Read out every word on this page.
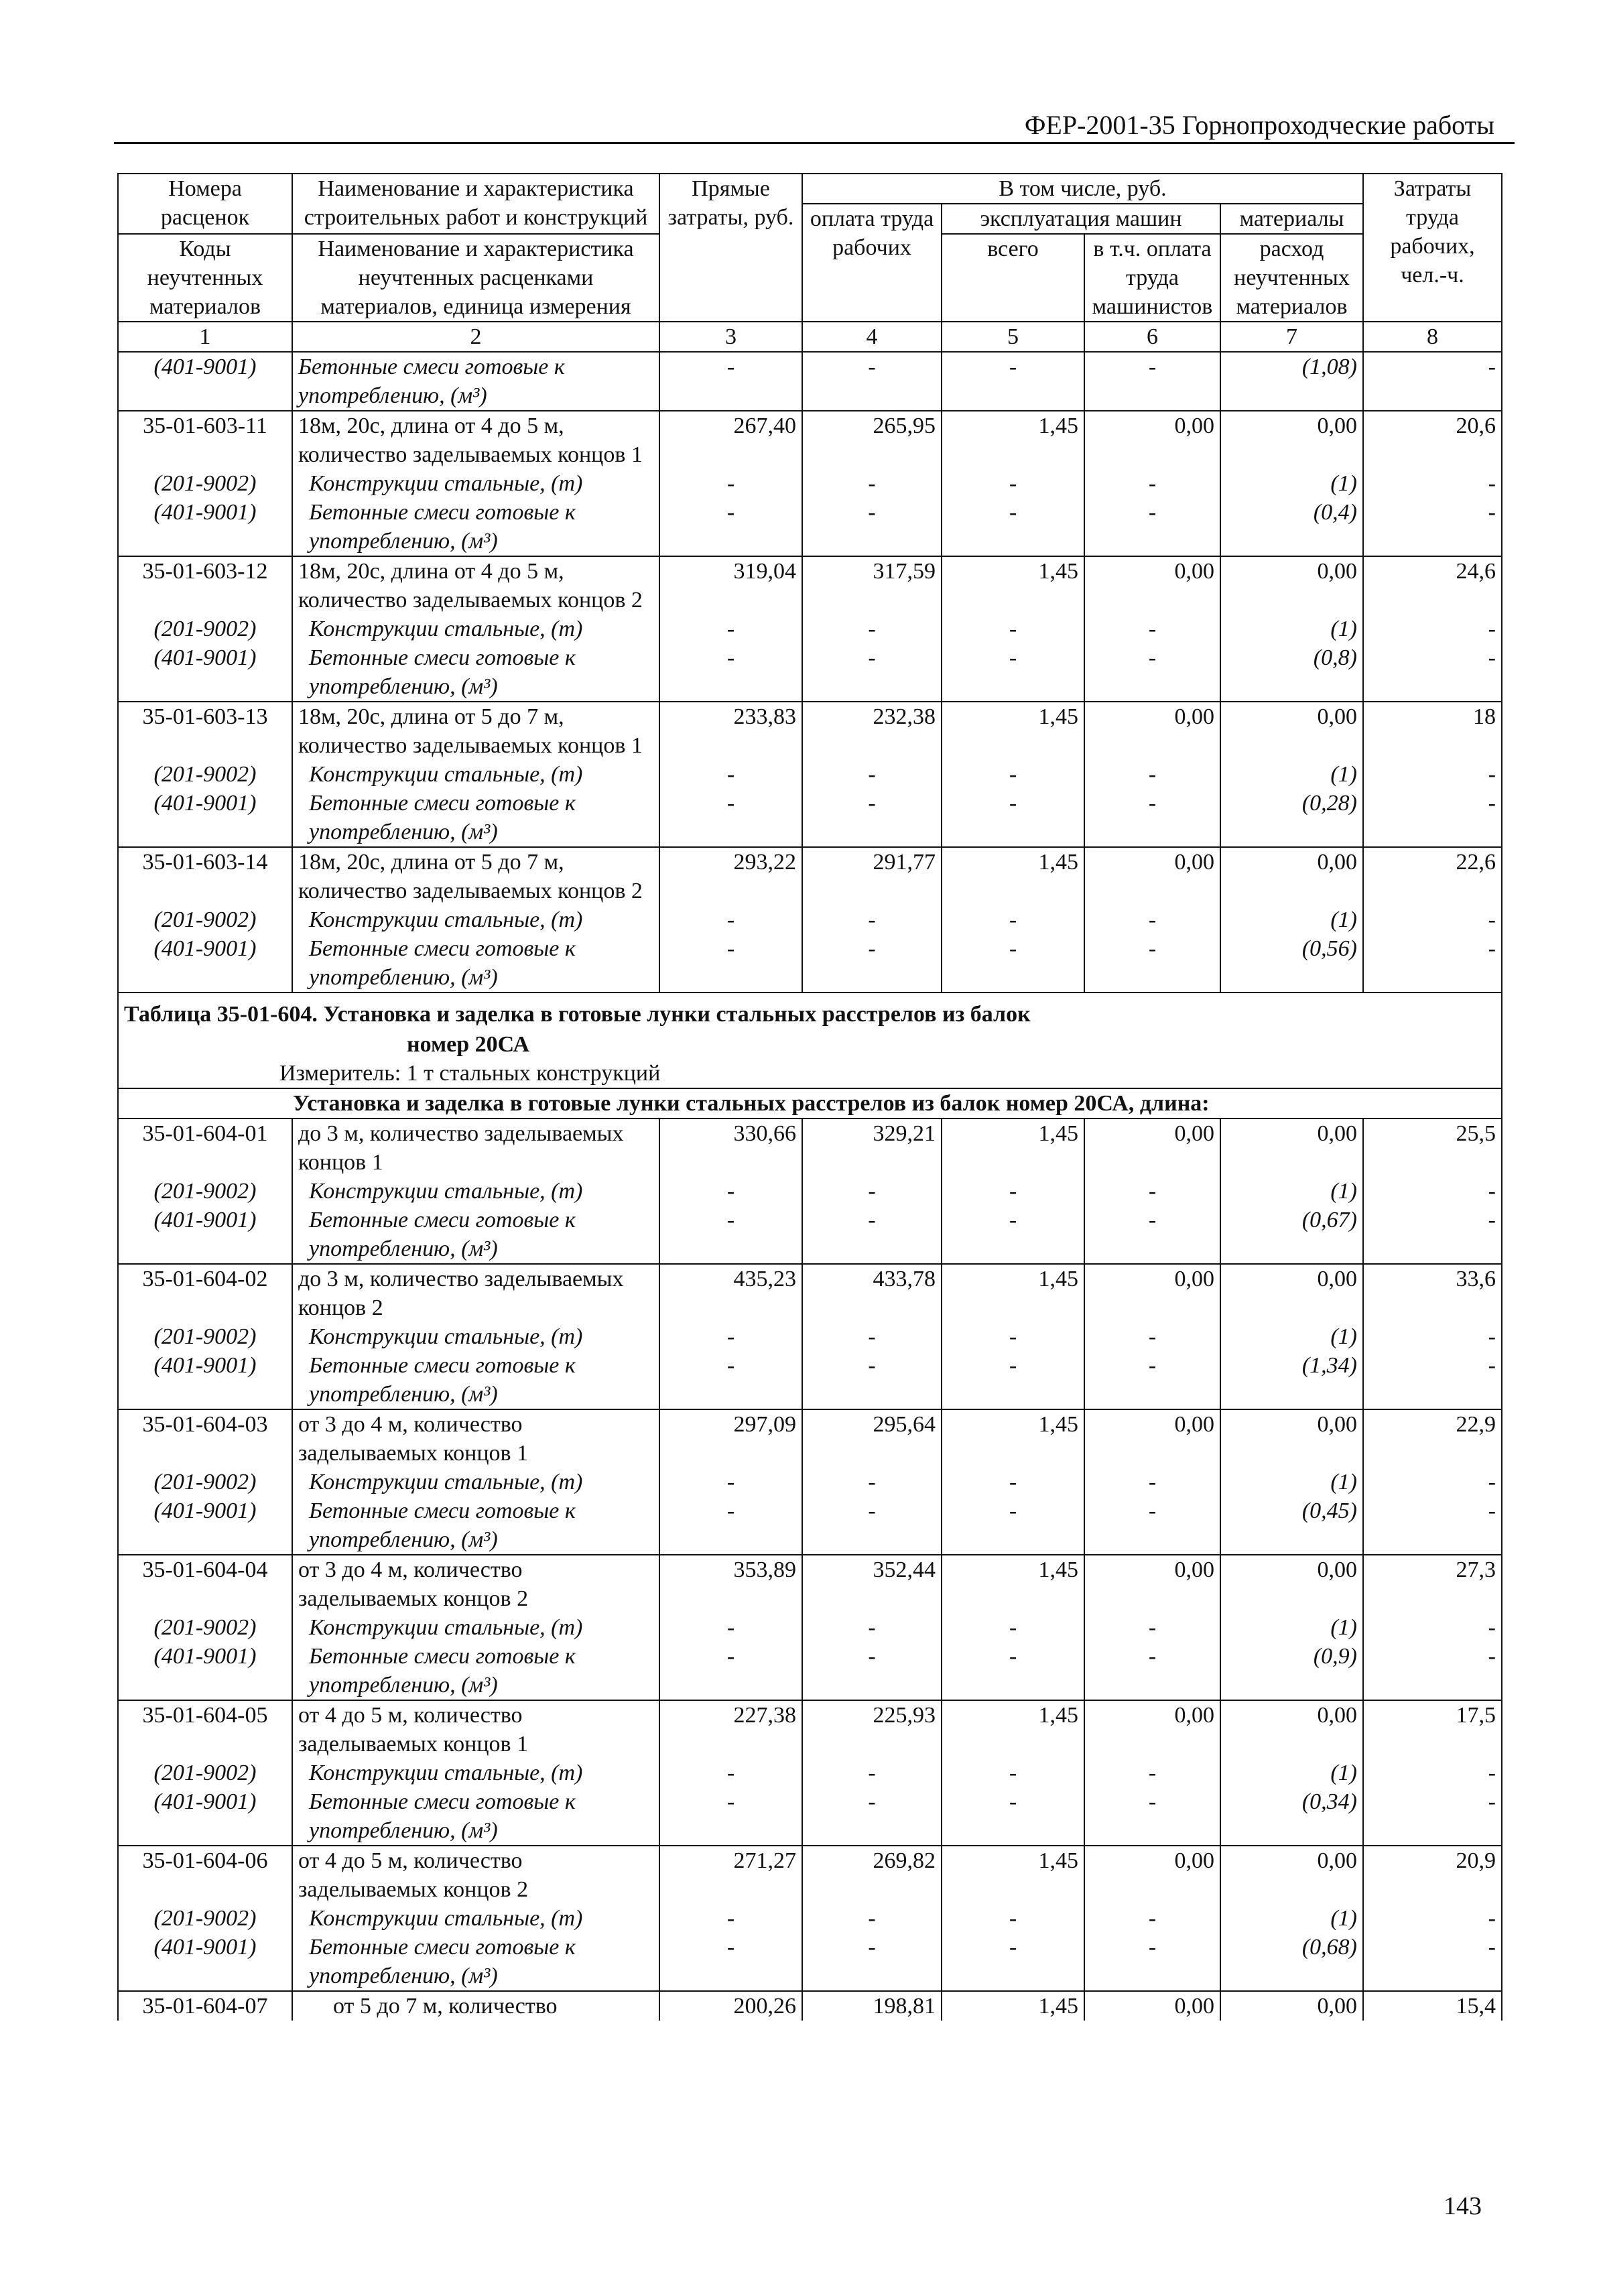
ФЕР-2001-35 Горнопроходческие работы
Номера расценок	Наименование и характеристика строительных работ и конструкций	Прямые затраты, руб.	В том числе, руб.				Затраты труда рабочих, чел.-ч.
			оплата труда рабочих	эксплуатация машин		материалы	
Коды неучтенных материалов	Наименование и характеристика неучтенных расценками материалов, единица измерения			всего	в т.ч. оплата труда машинистов	расход неучтенных материалов	

1	2	3	4	5	6	7	8
(401-9001)	Бетонные смеси готовые к употреблению, (м³)	-	-	-	-	(1,08)	-
35-01-603-11	18м, 20с, длина от 4 до 5 м, количество заделываемых концов 1	267,40	265,95	1,45	0,00	0,00	20,6
(201-9002)	Конструкции стальные, (т)	-	-	-	-	(1)	-
(401-9001)	Бетонные смеси готовые к употреблению, (м³)	-	-	-	-	(0,4)	-
35-01-603-12	18м, 20с, длина от 4 до 5 м, количество заделываемых концов 2	319,04	317,59	1,45	0,00	0,00	24,6
(201-9002)	Конструкции стальные, (т)	-	-	-	-	(1)	-
(401-9001)	Бетонные смеси готовые к употреблению, (м³)	-	-	-	-	(0,8)	-
35-01-603-13	18м, 20с, длина от 5 до 7 м, количество заделываемых концов 1	233,83	232,38	1,45	0,00	0,00	18
(201-9002)	Конструкции стальные, (т)	-	-	-	-	(1)	-
(401-9001)	Бетонные смеси готовые к употреблению, (м³)	-	-	-	-	(0,28)	-
35-01-603-14	18м, 20с, длина от 5 до 7 м, количество заделываемых концов 2	293,22	291,77	1,45	0,00	0,00	22,6
(201-9002)	Конструкции стальные, (т)	-	-	-	-	(1)	-
(401-9001)	Бетонные смеси готовые к употреблению, (м³)	-	-	-	-	(0,56)	-
Таблица 35-01-604. Установка и заделка в готовые лунки стальных расстрелов из балок							
номер 20СА							
Измеритель: 1 т стальных конструкций							
Установка и заделка в готовые лунки стальных расстрелов из балок номер 20СА, длина:							
35-01-604-01	до 3 м, количество заделываемых концов 1	330,66	329,21	1,45	0,00	0,00	25,5
(201-9002)	Конструкции стальные, (т)	-	-	-	-	(1)	-
(401-9001)	Бетонные смеси готовые к употреблению, (м³)	-	-	-	-	(0,67)	-
35-01-604-02	до 3 м, количество заделываемых концов 2	435,23	433,78	1,45	0,00	0,00	33,6
(201-9002)	Конструкции стальные, (т)	-	-	-	-	(1)	-
(401-9001)	Бетонные смеси готовые к употреблению, (м³)	-	-	-	-	(1,34)	-
35-01-604-03	от 3 до 4 м, количество заделываемых концов 1	297,09	295,64	1,45	0,00	0,00	22,9
(201-9002)	Конструкции стальные, (т)	-	-	-	-	(1)	-
(401-9001)	Бетонные смеси готовые к употреблению, (м³)	-	-	-	-	(0,45)	-
35-01-604-04	от 3 до 4 м, количество заделываемых концов 2	353,89	352,44	1,45	0,00	0,00	27,3
(201-9002)	Конструкции стальные, (т)	-	-	-	-	(1)	-
(401-9001)	Бетонные смеси готовые к употреблению, (м³)	-	-	-	-	(0,9)	-
35-01-604-05	от 4 до 5 м, количество заделываемых концов 1	227,38	225,93	1,45	0,00	0,00	17,5
(201-9002)	Конструкции стальные, (т)	-	-	-	-	(1)	-
(401-9001)	Бетонные смеси готовые к употреблению, (м³)	-	-	-	-	(0,34)	-
35-01-604-06	от 4 до 5 м, количество заделываемых концов 2	271,27	269,82	1,45	0,00	0,00	20,9
(201-9002)	Конструкции стальные, (т)	-	-	-	-	(1)	-
(401-9001)	Бетонные смеси готовые к употреблению, (м³)	-	-	-	-	(0,68)	-
35-01-604-07	от 5 до 7 м, количество	200,26	198,81	1,45	0,00	0,00	15,4
143
